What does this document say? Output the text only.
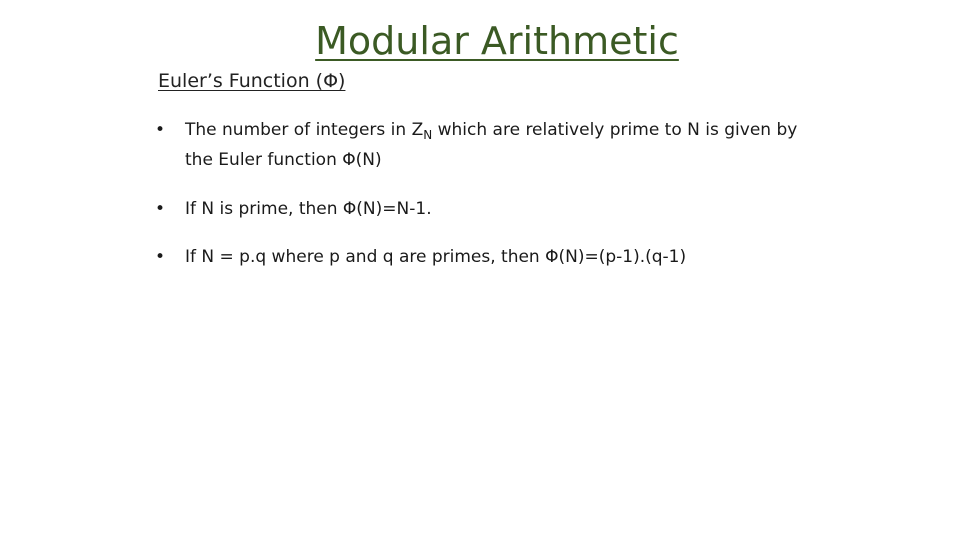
Modular Arithmetic
Euler’s Function (Φ)
• The number of integers in $Z_N$ which are relatively prime to N is given by the Euler function Φ(N)
• If N is prime, then Φ(N)=N-1.
• If N = p.q where p and q are primes, then Φ(N)=(p-1).(q-1)
